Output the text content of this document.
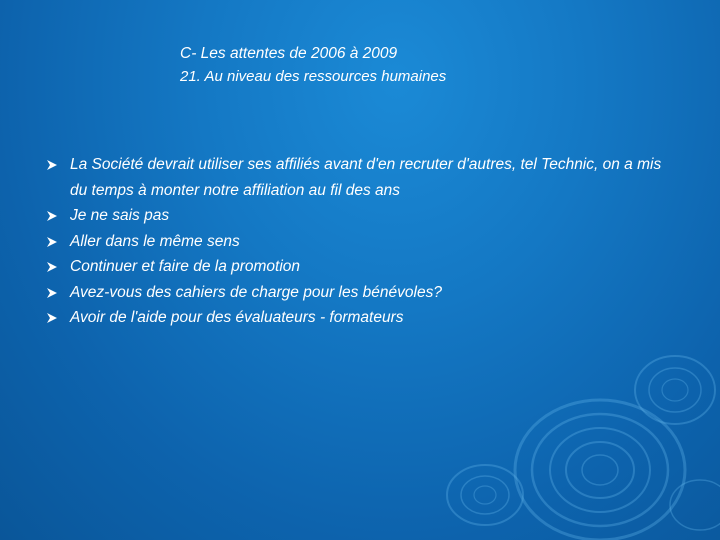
C- Les attentes de 2006 à 2009
21. Au niveau des ressources humaines
La Société devrait utiliser ses affiliés avant d'en recruter d'autres, tel Technic, on a mis du temps à monter notre affiliation au fil des ans
Je ne sais pas
Aller dans le même sens
Continuer et faire de la promotion
Avez-vous des cahiers de charge pour les bénévoles?
Avoir de l'aide pour des évaluateurs - formateurs
